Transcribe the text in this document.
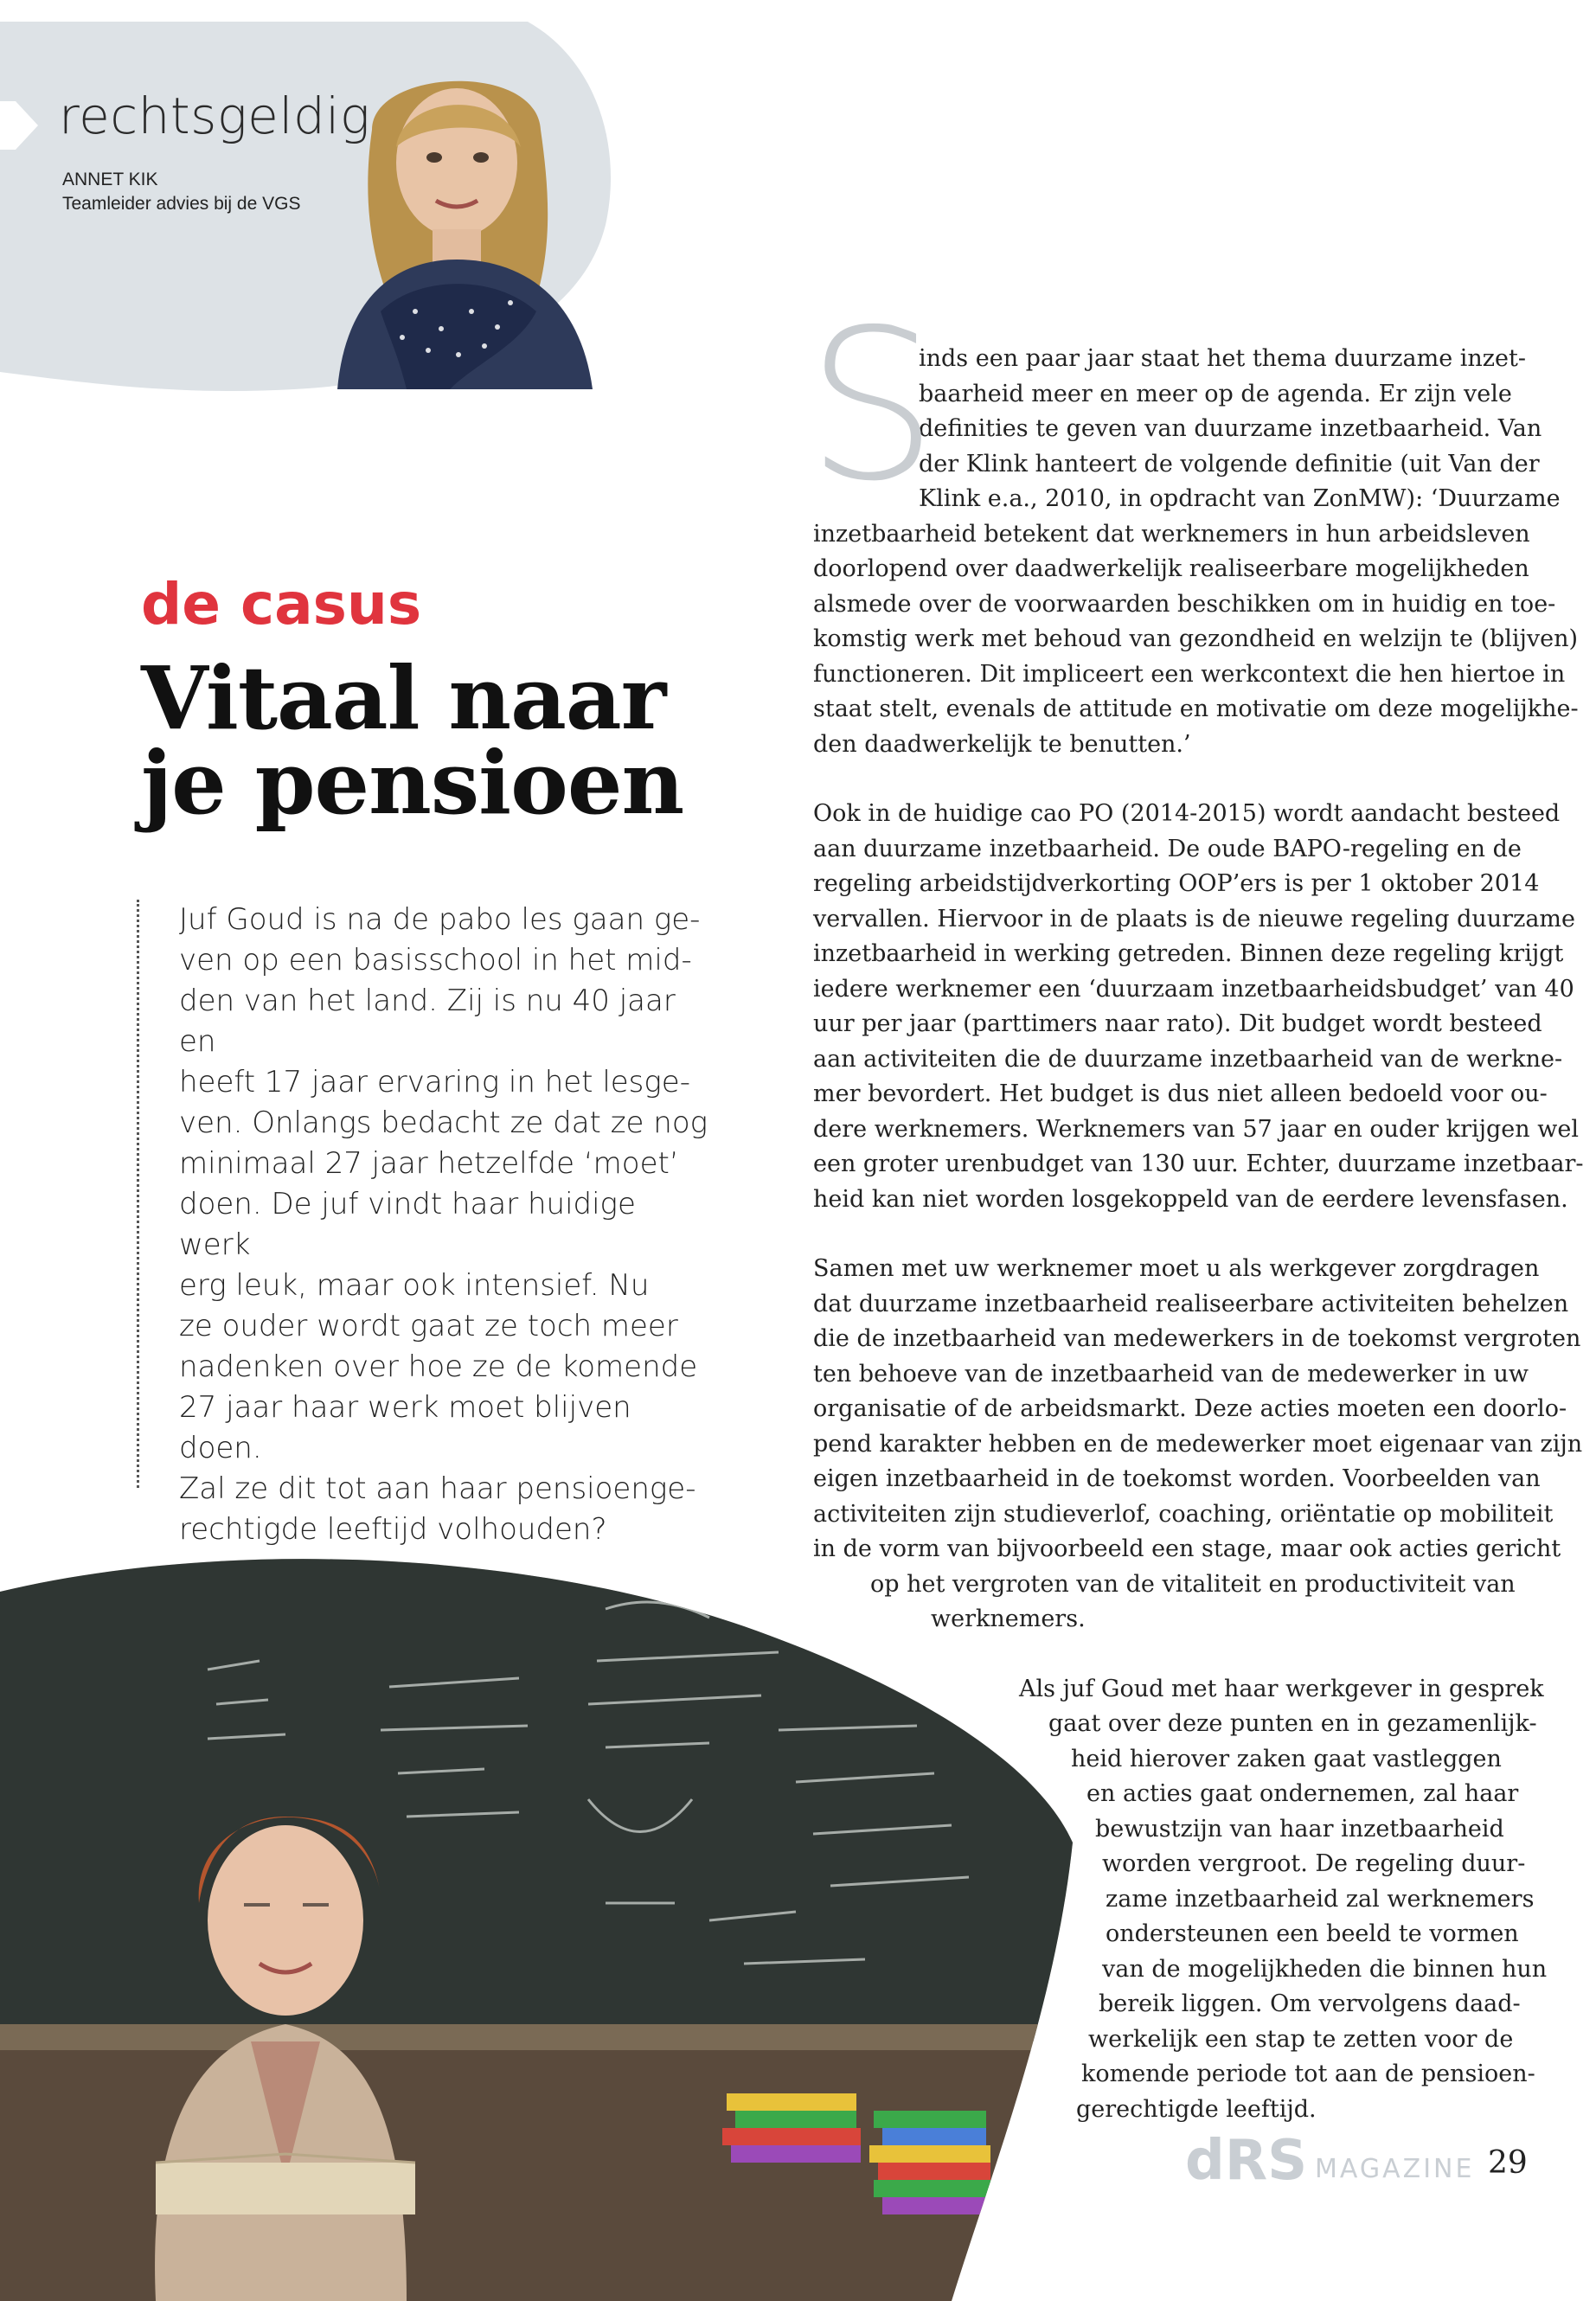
rechtsgeldig
ANNET KIK
Teamleider advies bij de VGS
de casus
Vitaal naar je pensioen

Juf Goud is na de pabo les gaan ge-
ven op een basisschool in het mid-
den van het land. Zij is nu 40 jaar en
heeft 17 jaar ervaring in het lesge-
ven. Onlangs bedacht ze dat ze nog
minimaal 27 jaar hetzelfde ‘moet’
doen. De juf vindt haar huidige werk
erg leuk, maar ook intensief. Nu
ze ouder wordt gaat ze toch meer
nadenken over hoe ze de komende
27 jaar haar werk moet blijven doen.
Zal ze dit tot aan haar pensioenge-
rechtigde leeftijd volhouden?

S
inds een paar jaar staat het thema duurzame inzet-
baarheid meer en meer op de agenda. Er zijn vele
definities te geven van duurzame inzetbaarheid. Van
der Klink hanteert de volgende definitie (uit Van der
Klink e.a., 2010, in opdracht van ZonMW): ‘Duurzame
inzetbaarheid betekent dat werknemers in hun arbeidsleven
doorlopend over daadwerkelijk realiseerbare mogelijkheden
alsmede over de voorwaarden beschikken om in huidig en toe-
komstig werk met behoud van gezondheid en welzijn te (blijven)
functioneren. Dit impliceert een werkcontext die hen hiertoe in
staat stelt, evenals de attitude en motivatie om deze mogelijkhe-
den daadwerkelijk te benutten.’
Ook in de huidige cao PO (2014-2015) wordt aandacht besteed
aan duurzame inzetbaarheid. De oude BAPO-regeling en de
regeling arbeidstijdverkorting OOP’ers is per 1 oktober 2014
vervallen. Hiervoor in de plaats is de nieuwe regeling duurzame
inzetbaarheid in werking getreden. Binnen deze regeling krijgt
iedere werknemer een ‘duurzaam inzetbaarheidsbudget’ van 40
uur per jaar (parttimers naar rato). Dit budget wordt besteed
aan activiteiten die de duurzame inzetbaarheid van de werkne-
mer bevordert. Het budget is dus niet alleen bedoeld voor ou-
dere werknemers. Werknemers van 57 jaar en ouder krijgen wel
een groter urenbudget van 130 uur. Echter, duurzame inzetbaar-
heid kan niet worden losgekoppeld van de eerdere levensfasen.
Samen met uw werknemer moet u als werkgever zorgdragen
dat duurzame inzetbaarheid realiseerbare activiteiten behelzen
die de inzetbaarheid van medewerkers in de toekomst vergroten
ten behoeve van de inzetbaarheid van de medewerker in uw
organisatie of de arbeidsmarkt. Deze acties moeten een doorlo-
pend karakter hebben en de medewerker moet eigenaar van zijn
eigen inzetbaarheid in de toekomst worden. Voorbeelden van
activiteiten zijn studieverlof, coaching, oriëntatie op mobiliteit
in de vorm van bijvoorbeeld een stage, maar ook acties gericht
op het vergroten van de vitaliteit en productiviteit van
werknemers.
Als juf Goud met haar werkgever in gesprek
gaat over deze punten en in gezamenlijk-
heid hierover zaken gaat vastleggen
en acties gaat ondernemen, zal haar
bewustzijn van haar inzetbaarheid
worden vergroot. De regeling duur-
zame inzetbaarheid zal werknemers
ondersteunen een beeld te vormen
van de mogelijkheden die binnen hun
bereik liggen. Om vervolgens daad-
werkelijk een stap te zetten voor de
komende periode tot aan de pensioen-
gerechtigde leeftijd.
dRS MAGAZINE 29
